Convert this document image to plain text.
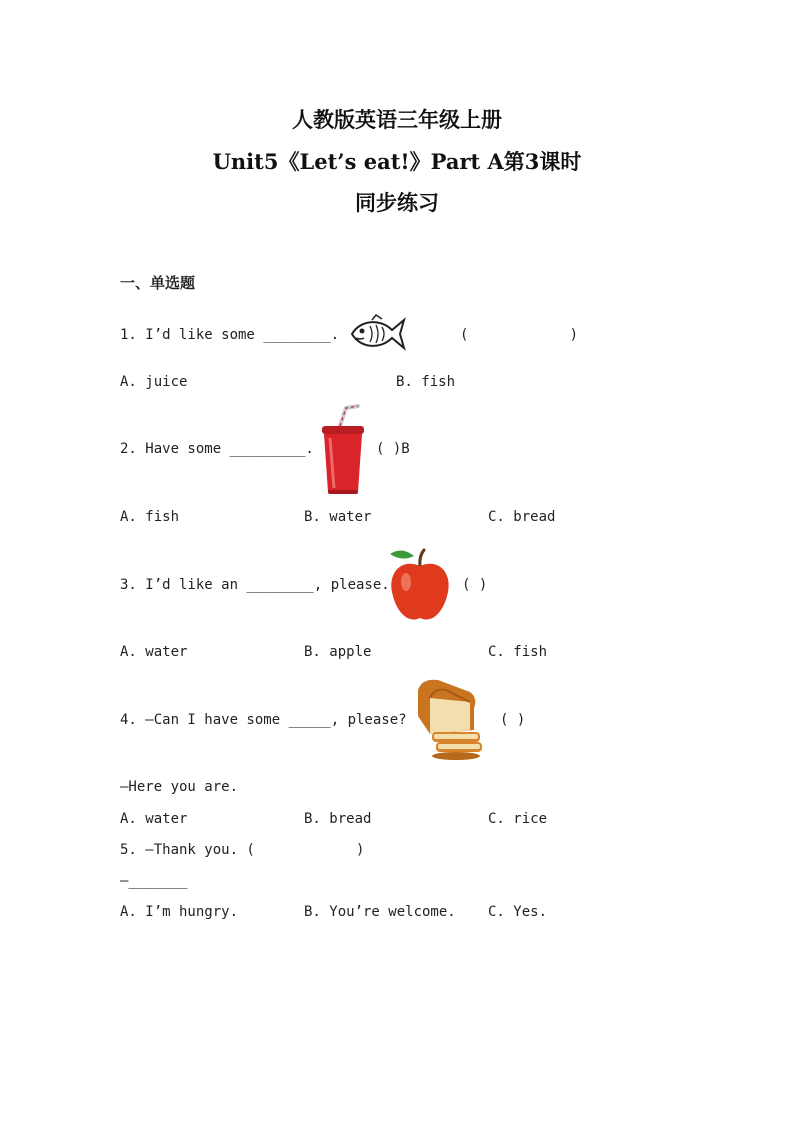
人教版英语三年级上册
Unit5《Let’s eat!》Part A第3课时
同步练习
一、单选题
1. I’d like some ________.	(            )
A. juice	B. fish
2. Have some _________.	( )B
A. fish	B. water	C. bread
3. I’d like an ________, please.	( )
A. water	B. apple	C. fish
4. —Can I have some _____, please?	( )
—Here you are.
A. water	B. bread	C. rice
5. —Thank you. (            )
—_______
A. I’m hungry.	B. You’re welcome. C. Yes.
